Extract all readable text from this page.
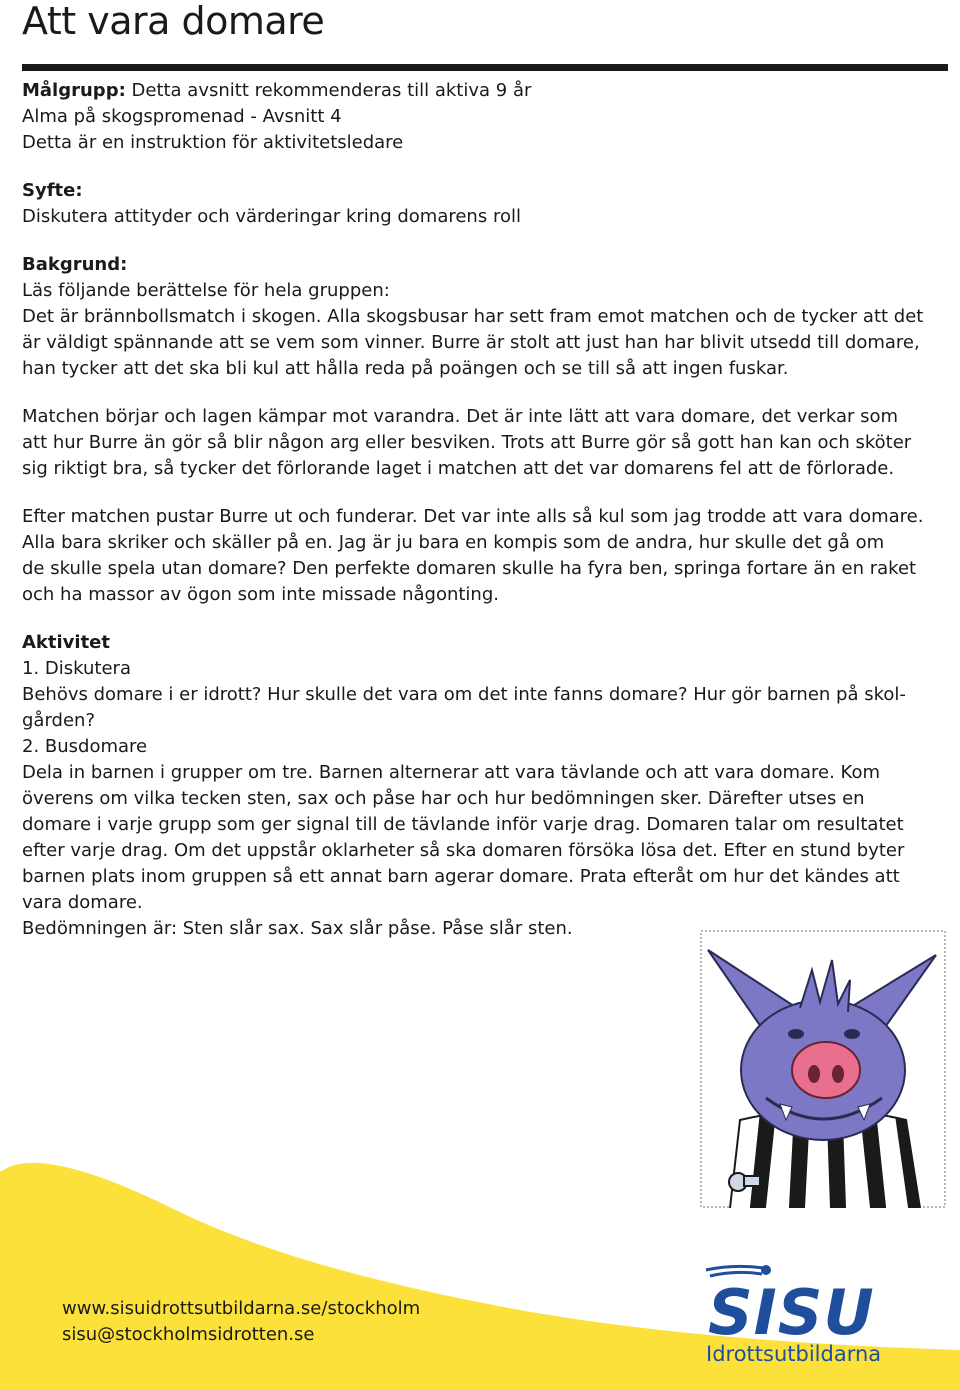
Att vara domare

Målgrupp: Detta avsnitt rekommenderas till aktiva 9 år

Alma på skogspromenad - Avsnitt 4

Detta är en instruktion för aktivitetsledare

Syfte:

Diskutera attityder och värderingar kring domarens roll

Bakgrund:

Läs följande berättelse för hela gruppen:

Det är brännbollsmatch i skogen. Alla skogsbusar har sett fram emot matchen och de tycker att det

är väldigt spännande att se vem som vinner. Burre är stolt att just han har blivit utsedd till domare,

han tycker att det ska bli kul att hålla reda på poängen och se till så att ingen fuskar.

Matchen börjar och lagen kämpar mot varandra. Det är inte lätt att vara domare, det verkar som

att hur Burre än gör så blir någon arg eller besviken. Trots att Burre gör så gott han kan och sköter

sig riktigt bra, så tycker det förlorande laget i matchen att det var domarens fel att de förlorade.

Efter matchen pustar Burre ut och funderar. Det var inte alls så kul som jag trodde att vara domare.

Alla bara skriker och skäller på en. Jag är ju bara en kompis som de andra, hur skulle det gå om

de skulle spela utan domare? Den perfekte domaren skulle ha fyra ben, springa fortare än en raket

och ha massor av ögon som inte missade någonting.

Aktivitet

1. Diskutera

Behövs domare i er idrott? Hur skulle det vara om det inte fanns domare? Hur gör barnen på skol-

gården?

2. Busdomare

Dela in barnen i grupper om tre. Barnen alternerar att vara tävlande och att vara domare. Kom

överens om vilka tecken sten, sax och påse har och hur bedömningen sker. Därefter utses en

domare i varje grupp som ger signal till de tävlande inför varje drag. Domaren talar om resultatet

efter varje drag. Om det uppstår oklarheter så ska domaren försöka lösa det. Efter en stund byter

barnen plats inom gruppen så ett annat barn agerar domare. Prata efteråt om hur det kändes att

vara domare.

Bedömningen är: Sten slår sax. Sax slår påse. Påse slår sten.

www.sisuidrottsutbildarna.se/stockholm
sisu@stockholmsidrotten.se	SISU
Idrottsutbildarna
